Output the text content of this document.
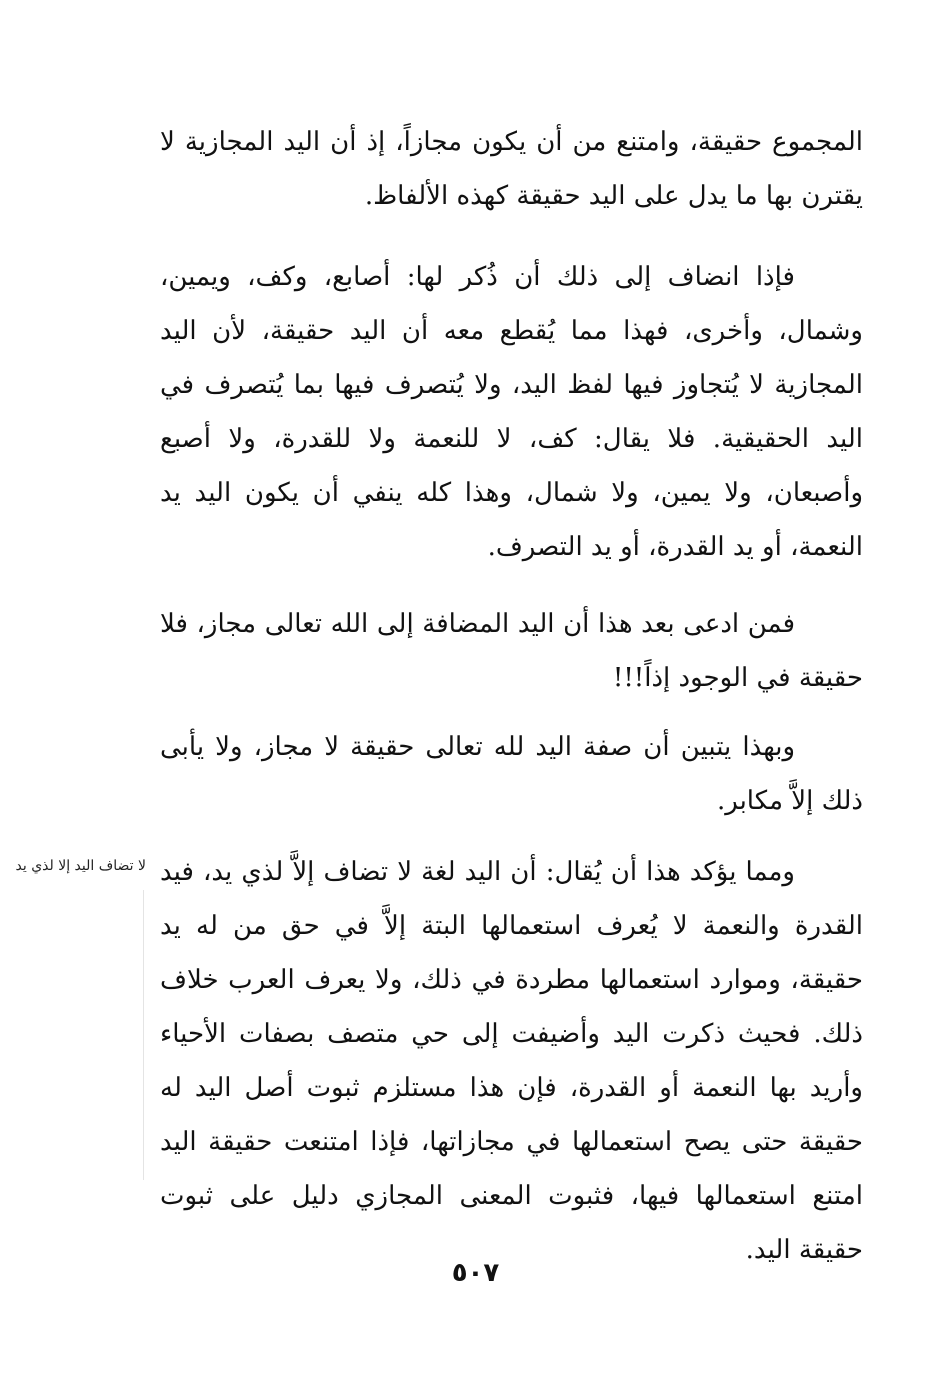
المجموع حقيقة، وامتنع من أن يكون مجازاً، إذ أن اليد المجازية لا يقترن بها ما يدل على اليد حقيقة كهذه الألفاظ.

فإذا انضاف إلى ذلك أن ذُكر لها: أصابع، وكف، ويمين، وشمال، وأخرى، فهذا مما يُقطع معه أن اليد حقيقة، لأن اليد المجازية لا يُتجاوز فيها لفظ اليد، ولا يُتصرف فيها بما يُتصرف في اليد الحقيقية. فلا يقال: كف، لا للنعمة ولا للقدرة، ولا أصبع وأصبعان، ولا يمين، ولا شمال، وهذا كله ينفي أن يكون اليد يد النعمة، أو يد القدرة، أو يد التصرف.

فمن ادعى بعد هذا أن اليد المضافة إلى الله تعالى مجاز، فلا حقيقة في الوجود إذاً!!!

وبهذا يتبين أن صفة اليد لله تعالى حقيقة لا مجاز، ولا يأبى ذلك إلاَّ مكابر.

ومما يؤكد هذا أن يُقال: أن اليد لغة لا تضاف إلاَّ لذي يد، فيد القدرة والنعمة لا يُعرف استعمالها البتة إلاَّ في حق من له يد حقيقة، وموارد استعمالها مطردة في ذلك، ولا يعرف العرب خلاف ذلك. فحيث ذكرت اليد وأضيفت إلى حي متصف بصفات الأحياء وأريد بها النعمة أو القدرة، فإن هذا مستلزم ثبوت أصل اليد له حقيقة حتى يصح استعمالها في مجازاتها، فإذا امتنعت حقيقة اليد امتنع استعمالها فيها، فثبوت المعنى المجازي دليل على ثبوت حقيقة اليد.

لا تضاف اليد إلا لذي يد
٥٠٧
